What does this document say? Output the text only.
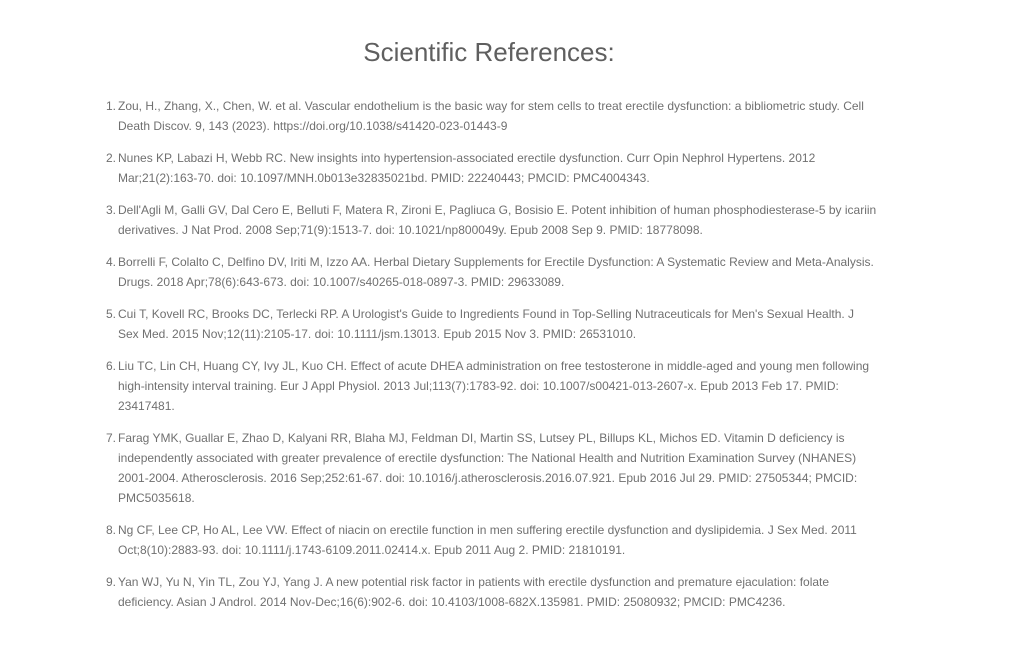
Scientific References:
1. Zou, H., Zhang, X., Chen, W. et al. Vascular endothelium is the basic way for stem cells to treat erectile dysfunction: a bibliometric study. Cell Death Discov. 9, 143 (2023). https://doi.org/10.1038/s41420-023-01443-9
2. Nunes KP, Labazi H, Webb RC. New insights into hypertension-associated erectile dysfunction. Curr Opin Nephrol Hypertens. 2012 Mar;21(2):163-70. doi: 10.1097/MNH.0b013e32835021bd. PMID: 22240443; PMCID: PMC4004343.
3. Dell'Agli M, Galli GV, Dal Cero E, Belluti F, Matera R, Zironi E, Pagliuca G, Bosisio E. Potent inhibition of human phosphodiesterase-5 by icariin derivatives. J Nat Prod. 2008 Sep;71(9):1513-7. doi: 10.1021/np800049y. Epub 2008 Sep 9. PMID: 18778098.
4. Borrelli F, Colalto C, Delfino DV, Iriti M, Izzo AA. Herbal Dietary Supplements for Erectile Dysfunction: A Systematic Review and Meta-Analysis. Drugs. 2018 Apr;78(6):643-673. doi: 10.1007/s40265-018-0897-3. PMID: 29633089.
5. Cui T, Kovell RC, Brooks DC, Terlecki RP. A Urologist's Guide to Ingredients Found in Top-Selling Nutraceuticals for Men's Sexual Health. J Sex Med. 2015 Nov;12(11):2105-17. doi: 10.1111/jsm.13013. Epub 2015 Nov 3. PMID: 26531010.
6. Liu TC, Lin CH, Huang CY, Ivy JL, Kuo CH. Effect of acute DHEA administration on free testosterone in middle-aged and young men following high-intensity interval training. Eur J Appl Physiol. 2013 Jul;113(7):1783-92. doi: 10.1007/s00421-013-2607-x. Epub 2013 Feb 17. PMID: 23417481.
7. Farag YMK, Guallar E, Zhao D, Kalyani RR, Blaha MJ, Feldman DI, Martin SS, Lutsey PL, Billups KL, Michos ED. Vitamin D deficiency is independently associated with greater prevalence of erectile dysfunction: The National Health and Nutrition Examination Survey (NHANES) 2001-2004. Atherosclerosis. 2016 Sep;252:61-67. doi: 10.1016/j.atherosclerosis.2016.07.921. Epub 2016 Jul 29. PMID: 27505344; PMCID: PMC5035618.
8. Ng CF, Lee CP, Ho AL, Lee VW. Effect of niacin on erectile function in men suffering erectile dysfunction and dyslipidemia. J Sex Med. 2011 Oct;8(10):2883-93. doi: 10.1111/j.1743-6109.2011.02414.x. Epub 2011 Aug 2. PMID: 21810191.
9. Yan WJ, Yu N, Yin TL, Zou YJ, Yang J. A new potential risk factor in patients with erectile dysfunction and premature ejaculation: folate deficiency. Asian J Androl. 2014 Nov-Dec;16(6):902-6. doi: 10.4103/1008-682X.135981. PMID: 25080932; PMCID: PMC4236.
